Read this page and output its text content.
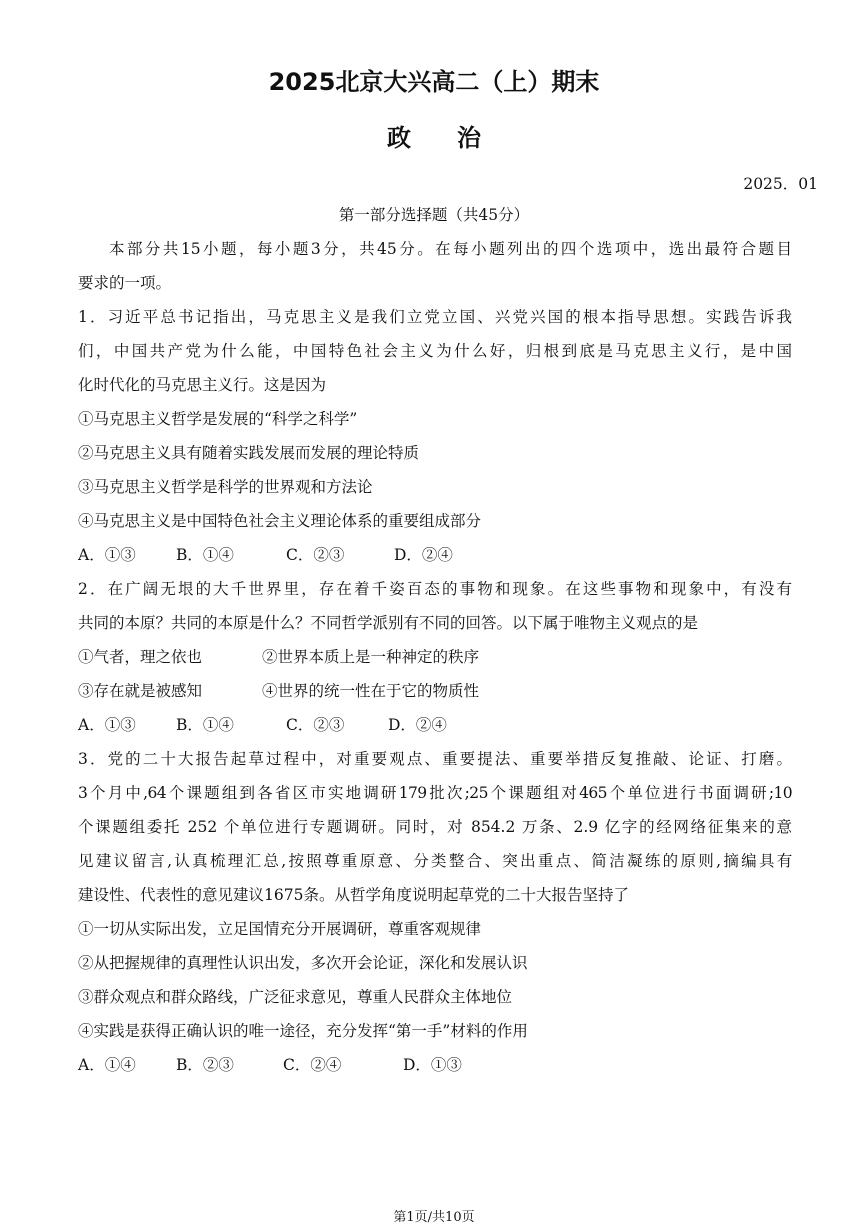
2025北京大兴高二（上）期末
政治
2025．01
第一部分选择题（共45分）
本部分共15小题，每小题3分，共45分。在每小题列出的四个选项中，选出最符合题目
要求的一项。
1．习近平总书记指出，马克思主义是我们立党立国、兴党兴国的根本指导思想。实践告诉我
们，中国共产党为什么能，中国特色社会主义为什么好，归根到底是马克思主义行，是中国
化时代化的马克思主义行。这是因为
①马克思主义哲学是发展的“科学之科学”
②马克思主义具有随着实践发展而发展的理论特质
③马克思主义哲学是科学的世界观和方法论
④马克思主义是中国特色社会主义理论体系的重要组成部分
A．①③	B．①④	C．②③	D．②④
2．在广阔无垠的大千世界里，存在着千姿百态的事物和现象。在这些事物和现象中，有没有
共同的本原？共同的本原是什么？不同哲学派别有不同的回答。以下属于唯物主义观点的是
①气者，理之依也	②世界本质上是一种神定的秩序
③存在就是被感知	④世界的统一性在于它的物质性
A．①③	B．①④	C．②③	D．②④
3．党的二十大报告起草过程中，对重要观点、重要提法、重要举措反复推敲、论证、打磨。
3个月中,64个课题组到各省区市实地调研179批次;25个课题组对465个单位进行书面调研;10
个课题组委托 252 个单位进行专题调研。同时，对 854.2 万条、2.9 亿字的经网络征集来的意
见建议留言,认真梳理汇总,按照尊重原意、分类整合、突出重点、简洁凝练的原则,摘编具有
建设性、代表性的意见建议1675条。从哲学角度说明起草党的二十大报告坚持了
①一切从实际出发，立足国情充分开展调研，尊重客观规律
②从把握规律的真理性认识出发，多次开会论证，深化和发展认识
③群众观点和群众路线，广泛征求意见，尊重人民群众主体地位
④实践是获得正确认识的唯一途径，充分发挥“第一手”材料的作用
A．①④	B．②③	C．②④	D．①③
第1页/共10页
